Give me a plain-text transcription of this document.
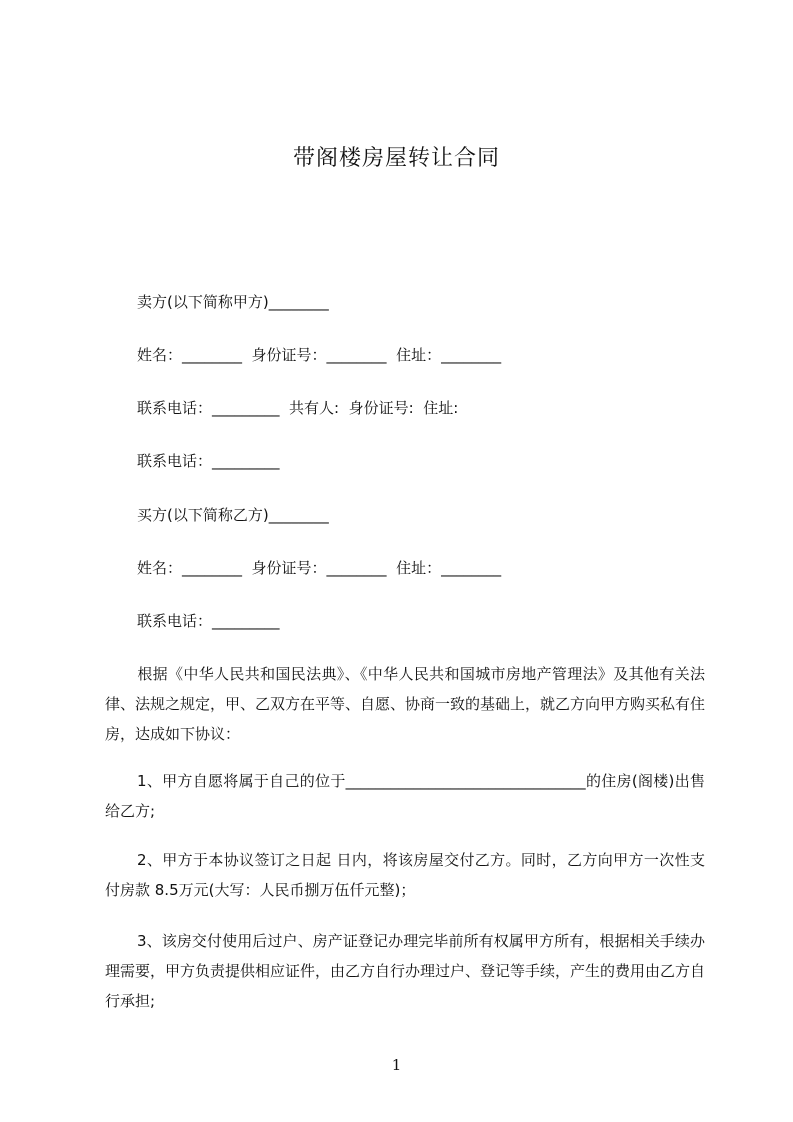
带阁楼房屋转让合同
卖方(以下简称甲方)________
姓名：________  身份证号：________  住址：________
联系电话：_________  共有人:  身份证号:  住址:
联系电话：_________
买方(以下简称乙方)________
姓名：________  身份证号：________  住址：________
联系电话：_________
根据《中华人民共和国民法典》、《中华人民共和国城市房地产管理法》及其他有关法律、法规之规定，甲、乙双方在平等、自愿、协商一致的基础上，就乙方向甲方购买私有住房，达成如下协议：
1、甲方自愿将属于自己的位于________________________________的住房(阁楼)出售给乙方;
2、甲方于本协议签订之日起 日内，将该房屋交付乙方。同时，乙方向甲方一次性支付房款 8.5万元(大写：人民币捌万伍仟元整)；
3、该房交付使用后过户、房产证登记办理完毕前所有权属甲方所有，根据相关手续办理需要，甲方负责提供相应证件，由乙方自行办理过户、登记等手续，产生的费用由乙方自行承担;
1
